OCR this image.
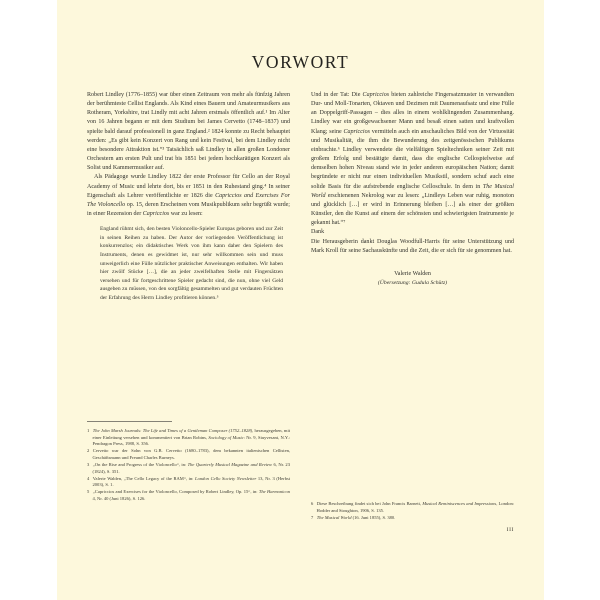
VORWORT

Robert Lindley (1776–1855) war über einen Zeitraum von mehr als fünfzig Jahren der berühmteste Cellist Englands. Als Kind eines Bauern und Amateurmusikers aus Rotheram, Yorkshire, trat Lindly mit acht Jahren erstmals öffentlich auf.¹ Im Alter von 16 Jahren begann er mit dem Studium bei James Cervetto (1748–1837) und spielte bald darauf professionell in ganz England.² 1824 konnte zu Recht behauptet werden: „Es gibt kein Konzert von Rang und kein Festival, bei dem Lindley nicht eine besondere Attraktion ist.“³ Tatsächlich saß Lindley in allen großen Londoner Orchestern am ersten Pult und trat bis 1851 bei jedem hochkarätigen Konzert als Solist und Kammermusiker auf.

Als Pädagoge wurde Lindley 1822 der erste Professor für Cello an der Royal Academy of Music und lehrte dort, bis er 1851 in den Ruhestand ging.⁴ In seiner Eigenschaft als Lehrer veröffentlichte er 1826 die Capriccios and Exercises For The Violoncello op. 15, deren Erscheinen vom Musikpublikum sehr begrüßt wurde; in einer Rezension der Capriccios war zu lesen:

England rühmt sich, den besten Violoncello-Spieler Europas geboren und zur Zeit in seinen Reihen zu haben. Der Autor der vorliegenden Veröffentlichung ist konkurrenzlos; ein didaktisches Werk von ihm kann daher den Spielern des Instruments, denen es gewidmet ist, nur sehr willkommen sein und muss unweigerlich eine Fülle nützlicher praktischer Anweisungen enthalten. Wir haben hier zwölf Stücke […], die an jeder zweifelhaften Stelle mit Fingersätzen versehen und für fortgeschrittene Spieler gedacht sind, die nun, ohne viel Geld ausgeben zu müssen, von den sorgfältig gesammelten und gut verdauten Früchten der Erfahrung des Herrn Lindley profitieren können.⁵

Und in der Tat: Die Capriccios bieten zahlreiche Fingersatzmuster in verwandten Dur- und Moll-Tonarten, Oktaven und Dezimen mit Daumenaufsatz und eine Fülle an Doppelgriff-Passagen – dies alles in einem wohlklingenden Zusammenhang. Lindley war ein großgewachsener Mann und besaß einen satten und kraftvollen Klang; seine Capriccios vermitteln auch ein anschauliches Bild von der Virtuosität und Musikalität, die ihm die Bewunderung des zeitgenössischen Publikums einbrachte.⁶ Lindley verwendete die vielfältigen Spieltechniken seiner Zeit mit großem Erfolg und bestätigte damit, dass die englische Cellospielweise auf demselben hohen Niveau stand wie in jeder anderen europäischen Nation; damit begründete er nicht nur einen individuellen Musikstil, sondern schuf auch eine solide Basis für die aufstrebende englische Celloschule. In dem in The Musical World erschienenen Nekrolog war zu lesen: „Lindleys Leben war ruhig, monoton und glücklich […] er wird in Erinnerung bleiben […] als einer der größten Künstler, den die Kunst auf einem der schönsten und schwierigsten Instrumente je gekannt hat.“⁷

Dank

Die Herausgeberin dankt Douglas Woodfull-Harris für seine Unterstützung und Mark Kroll für seine Sachauskünfte und die Zeit, die er sich für sie genommen hat.

Valerie Walden
(Übersetzung: Gudula Schütz)

1 The John Marsh Journals: The Life and Times of a Gentleman Composer (1752–1828), herausgegeben, mit einer Einleitung versehen und kommentiert von Brian Robins, Sociology of Music: Nr. 9, Stuyvesant, N.Y.: Pendragon Press, 1988, S. 356.

2 Cervetto war der Sohn von G.B. Cervetto (1680–1783), dem bekannten italienischen Cellisten, Geschäftsmann und Freund Charles Burneys.

3 „On the Rise and Progress of the Violoncello“, in: The Quarterly Musical Magazine and Review 6, Nr. 23 (1824), S. 351.

4 Valerie Walden, „The Cello Legacy of the RAM“, in: London Cello Society Newsletter 13, Nr. 3 (Herbst 2003), S. 1.

5 „Capriccios and Exercises for the Violoncello, Composed by Robert Lindley, Op. 15“, in: The Harmonicon 4, Nr. 40 (Juni 1826), S. 126.

6 Diese Beschreibung findet sich bei John Francis Barnett, Musical Reminiscences and Impressions, London: Hodder and Stoughton, 1906, S. 135.

7 The Musical World (16. Juni 1855), S. 380.

III
